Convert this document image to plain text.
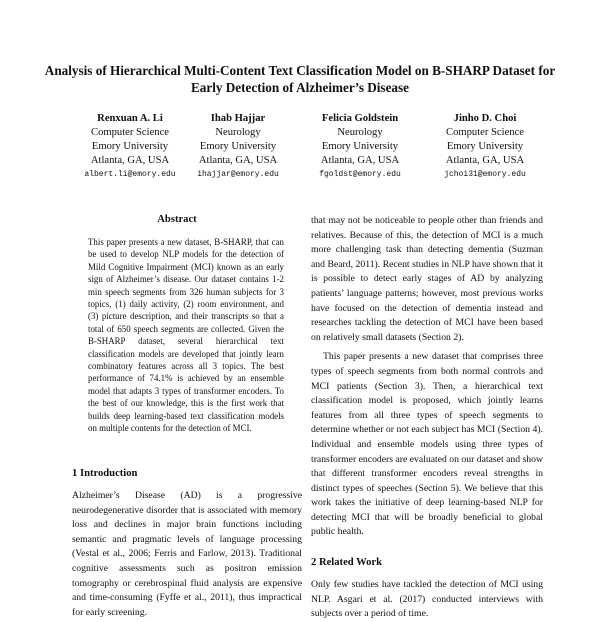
Analysis of Hierarchical Multi-Content Text Classification Model on B-SHARP Dataset for Early Detection of Alzheimer’s Disease
Renxuan A. Li
Computer Science
Emory University
Atlanta, GA, USA
albert.li@emory.edu
Ihab Hajjar
Neurology
Emory University
Atlanta, GA, USA
ihajjar@emory.edu
Felicia Goldstein
Neurology
Emory University
Atlanta, GA, USA
fgoldst@emory.edu
Jinho D. Choi
Computer Science
Emory University
Atlanta, GA, USA
jchoi31@emory.edu
Abstract

This paper presents a new dataset, B-SHARP, that can be used to develop NLP models for the detection of Mild Cognitive Impairment (MCI) known as an early sign of Alzheimer’s disease. Our dataset contains 1-2 min speech segments from 326 human subjects for 3 topics, (1) daily activity, (2) room environment, and (3) picture description, and their transcripts so that a total of 650 speech segments are collected. Given the B-SHARP dataset, several hierarchical text classification models are developed that jointly learn combinatory features across all 3 topics. The best performance of 74.1% is achieved by an ensemble model that adapts 3 types of transformer encoders. To the best of our knowledge, this is the first work that builds deep learning-based text classification models on multiple contents for the detection of MCI.

1 Introduction

Alzheimer’s Disease (AD) is a progressive neurodegenerative disorder that is associated with memory loss and declines in major brain functions including semantic and pragmatic levels of language processing (Vestal et al., 2006; Ferris and Farlow, 2013). Traditional cognitive assessments such as positron emission tomography or cerebrospinal fluid analysis are expensive and time-consuming (Fyffe et al., 2011), thus impractical for early screening.

that may not be noticeable to people other than friends and relatives. Because of this, the detection of MCI is a much more challenging task than detecting dementia (Suzman and Beard, 2011). Recent studies in NLP have shown that it is possible to detect early stages of AD by analyzing patients’ language patterns; however, most previous works have focused on the detection of dementia instead and researches tackling the detection of MCI have been based on relatively small datasets (Section 2).

This paper presents a new dataset that comprises three types of speech segments from both normal controls and MCI patients (Section 3). Then, a hierarchical text classification model is proposed, which jointly learns features from all three types of speech segments to determine whether or not each subject has MCI (Section 4). Individual and ensemble models using three types of transformer encoders are evaluated on our dataset and show that different transformer encoders reveal strengths in distinct types of speeches (Section 5). We believe that this work takes the initiative of deep learning-based NLP for detecting MCI that will be broadly beneficial to global public health.

2 Related Work

Only few studies have tackled the detection of MCI using NLP. Asgari et al. (2017) conducted interviews with subjects over a period of time.
